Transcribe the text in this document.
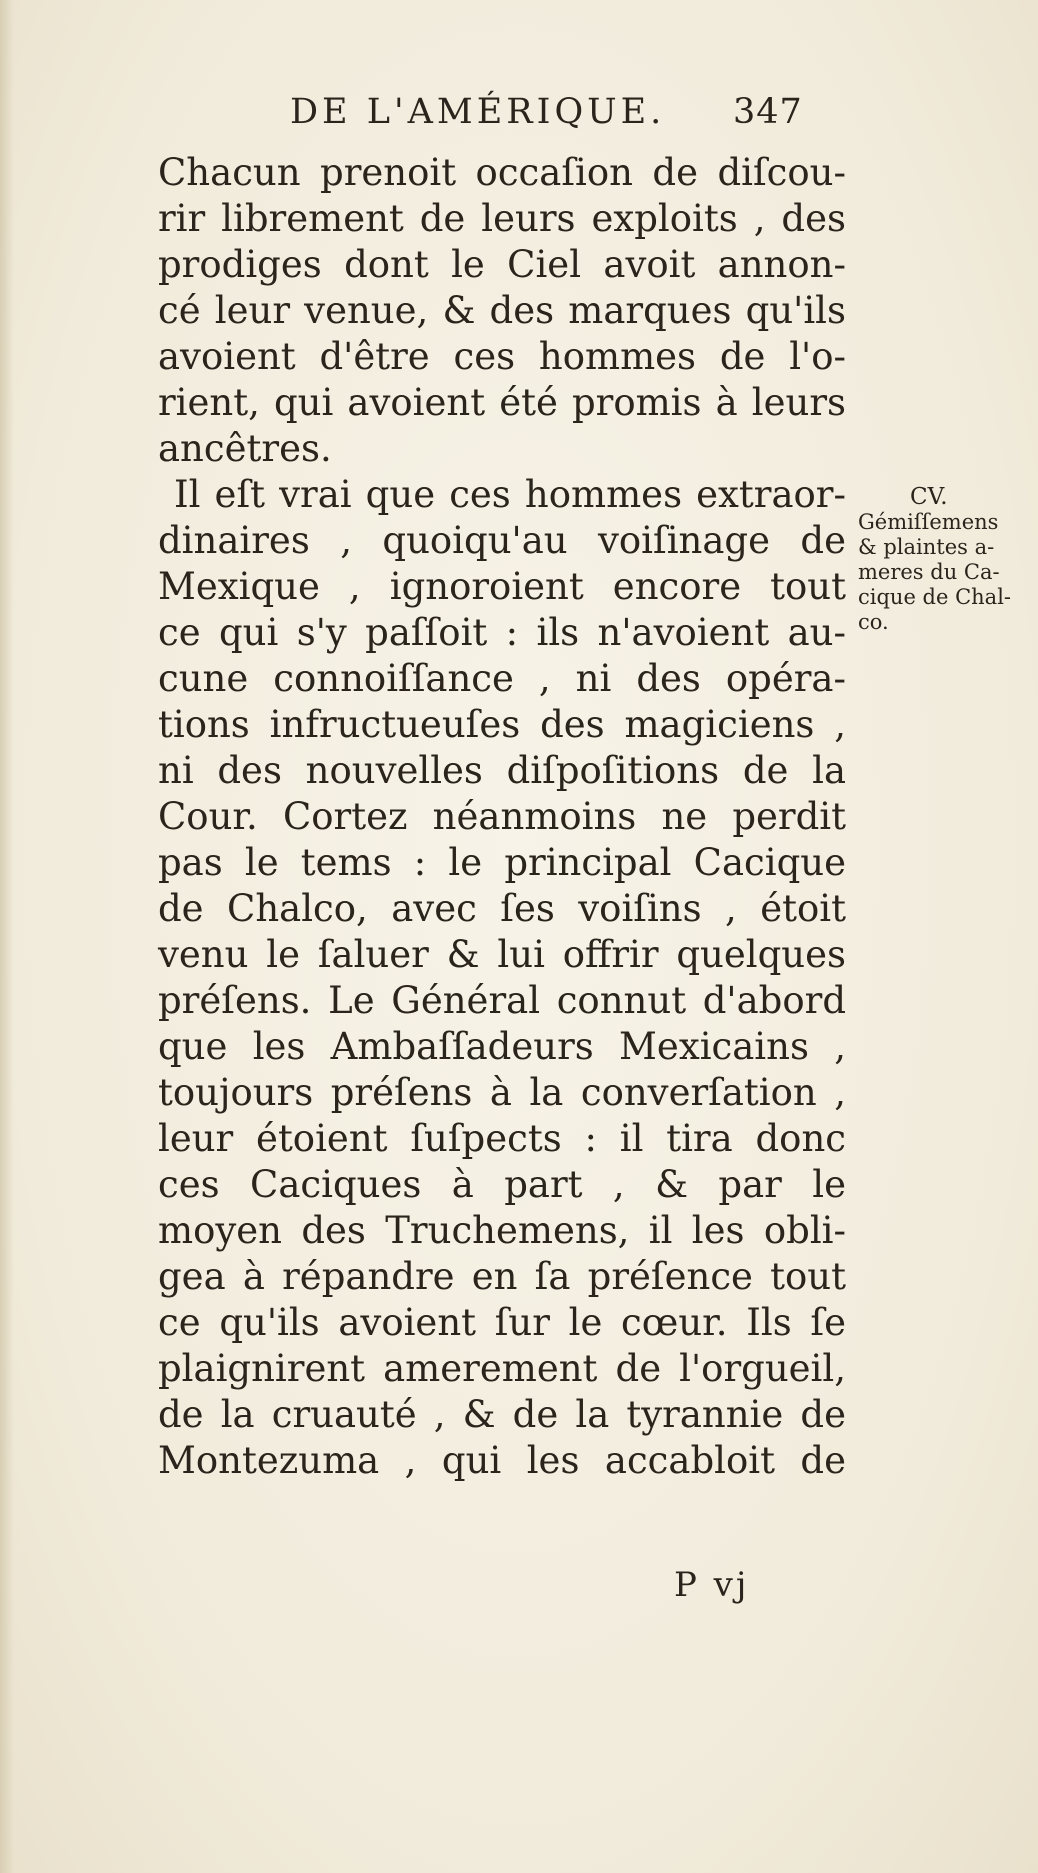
DE L'AMÉRIQUE. 347
Chacun prenoit occaſion de diſcou-
rir librement de leurs exploits , des
prodiges dont le Ciel avoit annon-
cé leur venue, & des marques qu'ils
avoient d'être ces hommes de l'o-
rient, qui avoient été promis à leurs
ancêtres.
Il eſt vrai que ces hommes extraor-
dinaires , quoiqu'au voiſinage de
Mexique , ignoroient encore tout
ce qui s'y paſſoit : ils n'avoient au-
cune connoiſſance , ni des opéra-
tions infructueuſes des magiciens ,
ni des nouvelles diſpoſitions de la
Cour. Cortez néanmoins ne perdit
pas le tems : le principal Cacique
de Chalco, avec ſes voiſins , étoit
venu le ſaluer & lui offrir quelques
préſens. Le Général connut d'abord
que les Ambaſſadeurs Mexicains ,
toujours préſens à la converſation ,
leur étoient ſuſpects : il tira donc
ces Caciques à part , & par le
moyen des Truchemens, il les obli-
gea à répandre en ſa préſence tout
ce qu'ils avoient ſur le cœur. Ils ſe
plaignirent amerement de l'orgueil,
de la cruauté , & de la tyrannie de
Montezuma , qui les accabloit de
CV.
Gémiſſemens
& plaintes a-
meres du Ca-
cique de Chal-
co.
P vj
